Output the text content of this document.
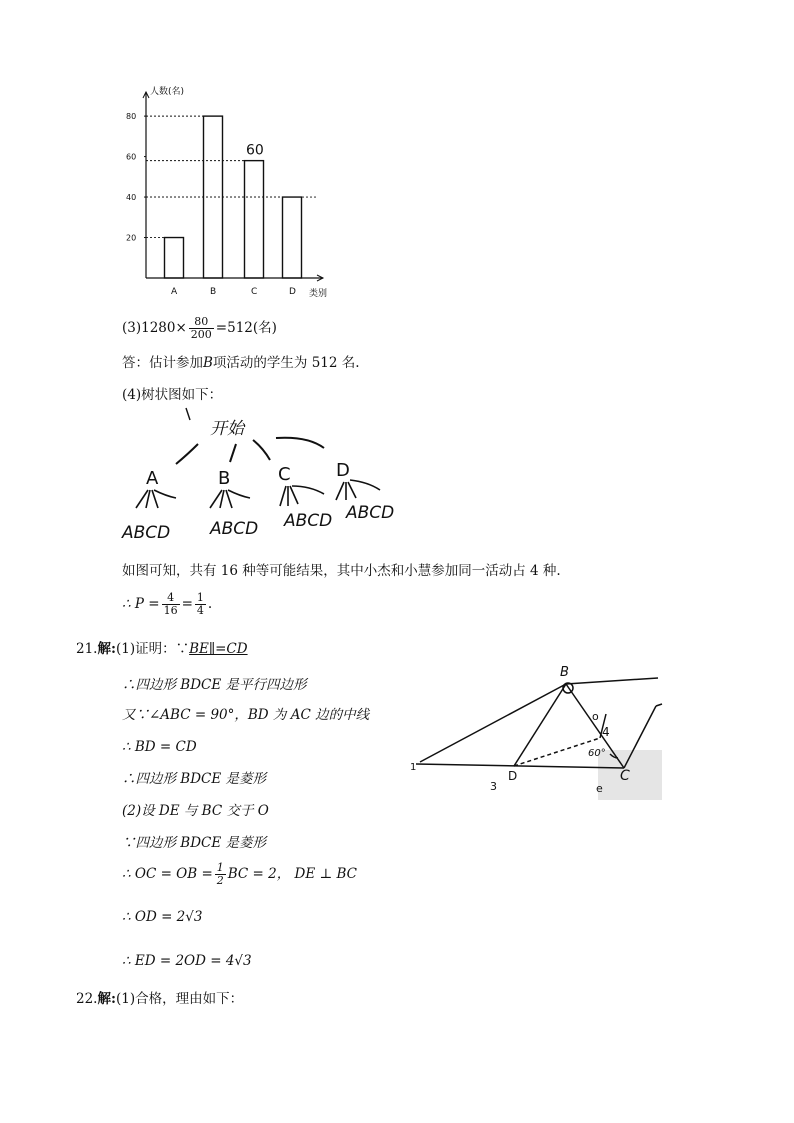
人数(名)
类别
20
40
60
80
A	B	C	D
60
$(3)1280\times \frac{80}{200} =512$(名)
答：估计参加B项活动的学生为 512 名.
(4)树状图如下：
开始
A	B	C	D
ABCD ABCD ABCD ABCD
如图可知，共有 16 种等可能结果，其中小杰和小慧参加同一活动占 4 种.
∴ $P = \frac{4}{16} = \frac{1}{4}$ .
21.解:(1)证明：∵BE∥=CD
∴四边形 BDCE 是平行四边形
又∵∠ABC = 90°，BD 为 AC 边的中线
∴ BD = CD
∴四边形 BDCE 是菱形
(2)设 DE 与 BC 交于 O
∵四边形 BDCE 是菱形
∴ OC = OB = $\frac{1}{2}$ BC = 2， DE ⊥ BC
∴ OD = 2√3
∴ ED = 2OD = 4√3
B
D	C
o
4
60°
3
1
e
22.解:(1)合格，理由如下：
